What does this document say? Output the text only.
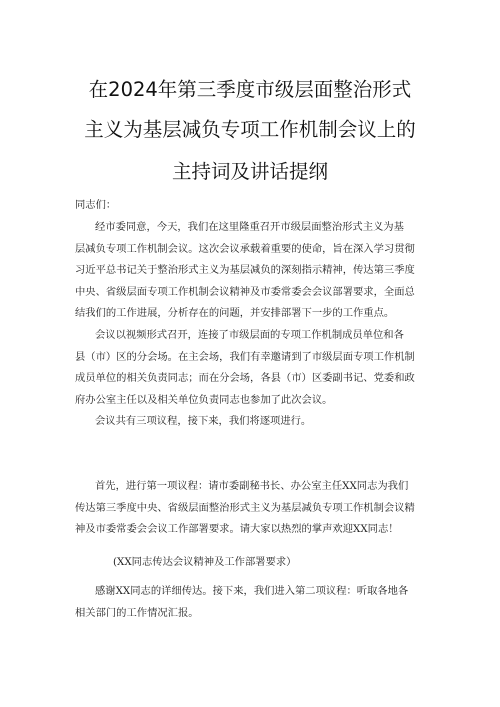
在2024年第三季度市级层面整治形式
主义为基层减负专项工作机制会议上的
主持词及讲话提纲
同志们：
经市委同意，今天，我们在这里隆重召开市级层面整治形式主义为基
层减负专项工作机制会议。这次会议承载着重要的使命，旨在深入学习贯彻
习近平总书记关于整治形式主义为基层减负的深刻指示精神，传达第三季度
中央、省级层面专项工作机制会议精神及市委常委会会议部署要求，全面总
结我们的工作进展，分析存在的问题，并安排部署下一步的工作重点。
会议以视频形式召开，连接了市级层面的专项工作机制成员单位和各
县（市）区的分会场。在主会场，我们有幸邀请到了市级层面专项工作机制
成员单位的相关负责同志；而在分会场，各县（市）区委副书记、党委和政
府办公室主任以及相关单位负责同志也参加了此次会议。
会议共有三项议程，接下来，我们将逐项进行。
首先，进行第一项议程：请市委副秘书长、办公室主任XX同志为我们
传达第三季度中央、省级层面整治形式主义为基层减负专项工作机制会议精
神及市委常委会会议工作部署要求。请大家以热烈的掌声欢迎XX同志！
(XX同志传达会议精神及工作部署要求）
感谢XX同志的详细传达。接下来，我们进入第二项议程：听取各地各
相关部门的工作情况汇报。
